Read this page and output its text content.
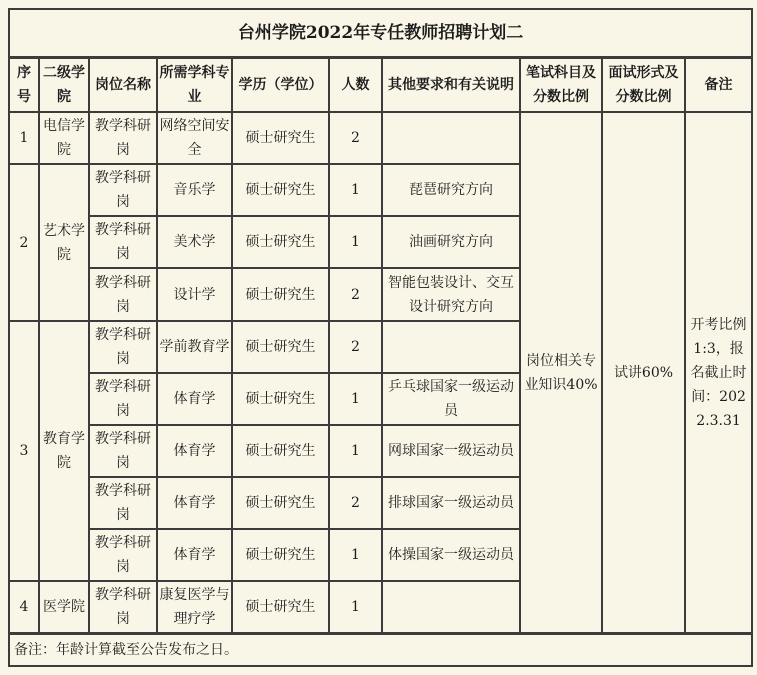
台州学院2022年专任教师招聘计划二									
序号	二级学院	岗位名称	所需学科专业	学历（学位）	人数	其他要求和有关说明	笔试科目及分数比例	面试形式及分数比例	备注
1	电信学院	教学科研岗	网络空间安全	硕士研究生	2		岗位相关专业知识40%	试讲60%	开考比例1:3，报名截止时间：2022.3.31
2	艺术学院	教学科研岗	音乐学	硕士研究生	1	琵琶研究方向			
		教学科研岗	美术学	硕士研究生	1	油画研究方向			
		教学科研岗	设计学	硕士研究生	2	智能包装设计、交互设计研究方向			
3	教育学院	教学科研岗	学前教育学	硕士研究生	2				
		教学科研岗	体育学	硕士研究生	1	乒乓球国家一级运动员			
		教学科研岗	体育学	硕士研究生	1	网球国家一级运动员			
		教学科研岗	体育学	硕士研究生	2	排球国家一级运动员			
		教学科研岗	体育学	硕士研究生	1	体操国家一级运动员			
4	医学院	教学科研岗	康复医学与理疗学	硕士研究生	1				
备注：年龄计算截至公告发布之日。									
